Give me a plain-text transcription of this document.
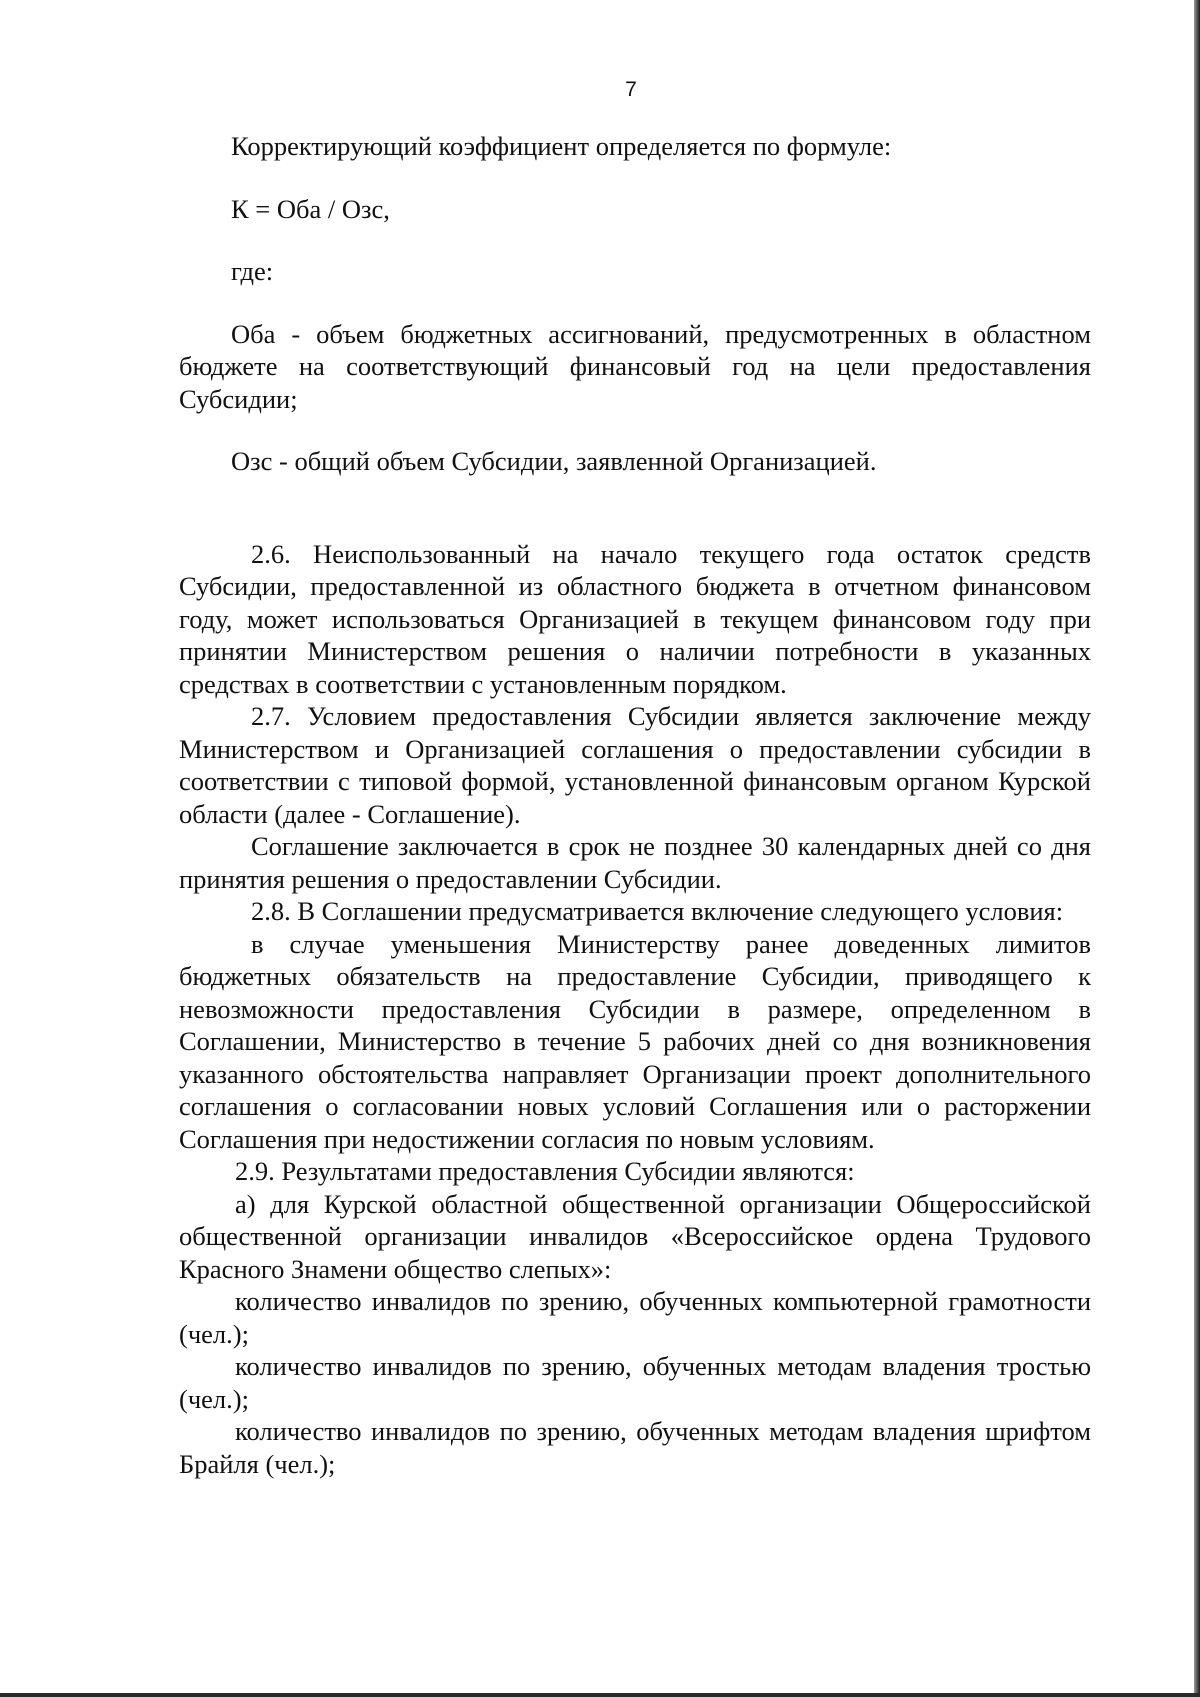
7

Корректирующий коэффициент определяется по формуле:

К = Оба / Озс,

где:

Оба - объем бюджетных ассигнований, предусмотренных в областном бюджете на соответствующий финансовый год на цели предоставления Субсидии;

Озс - общий объем Субсидии, заявленной Организацией.

2.6. Неиспользованный на начало текущего года остаток средств Субсидии, предоставленной из областного бюджета в отчетном финансовом году, может использоваться Организацией в текущем финансовом году при принятии Министерством решения о наличии потребности в указанных средствах в соответствии с установленным порядком.

2.7. Условием предоставления Субсидии является заключение между Министерством и Организацией соглашения о предоставлении субсидии в соответствии с типовой формой, установленной финансовым органом Курской области (далее - Соглашение).

Соглашение заключается в срок не позднее 30 календарных дней со дня принятия решения о предоставлении Субсидии.

2.8. В Соглашении предусматривается включение следующего условия:

в случае уменьшения Министерству ранее доведенных лимитов бюджетных обязательств на предоставление Субсидии, приводящего к невозможности предоставления Субсидии в размере, определенном в Соглашении, Министерство в течение 5 рабочих дней со дня возникновения указанного обстоятельства направляет Организации проект дополнительного соглашения о согласовании новых условий Соглашения или о расторжении Соглашения при недостижении согласия по новым условиям.

2.9. Результатами предоставления Субсидии являются:

а) для Курской областной общественной организации Общероссийской общественной организации инвалидов «Всероссийское ордена Трудового Красного Знамени общество слепых»:

количество инвалидов по зрению, обученных компьютерной грамотности (чел.);

количество инвалидов по зрению, обученных методам владения тростью (чел.);

количество инвалидов по зрению, обученных методам владения шрифтом Брайля (чел.);
